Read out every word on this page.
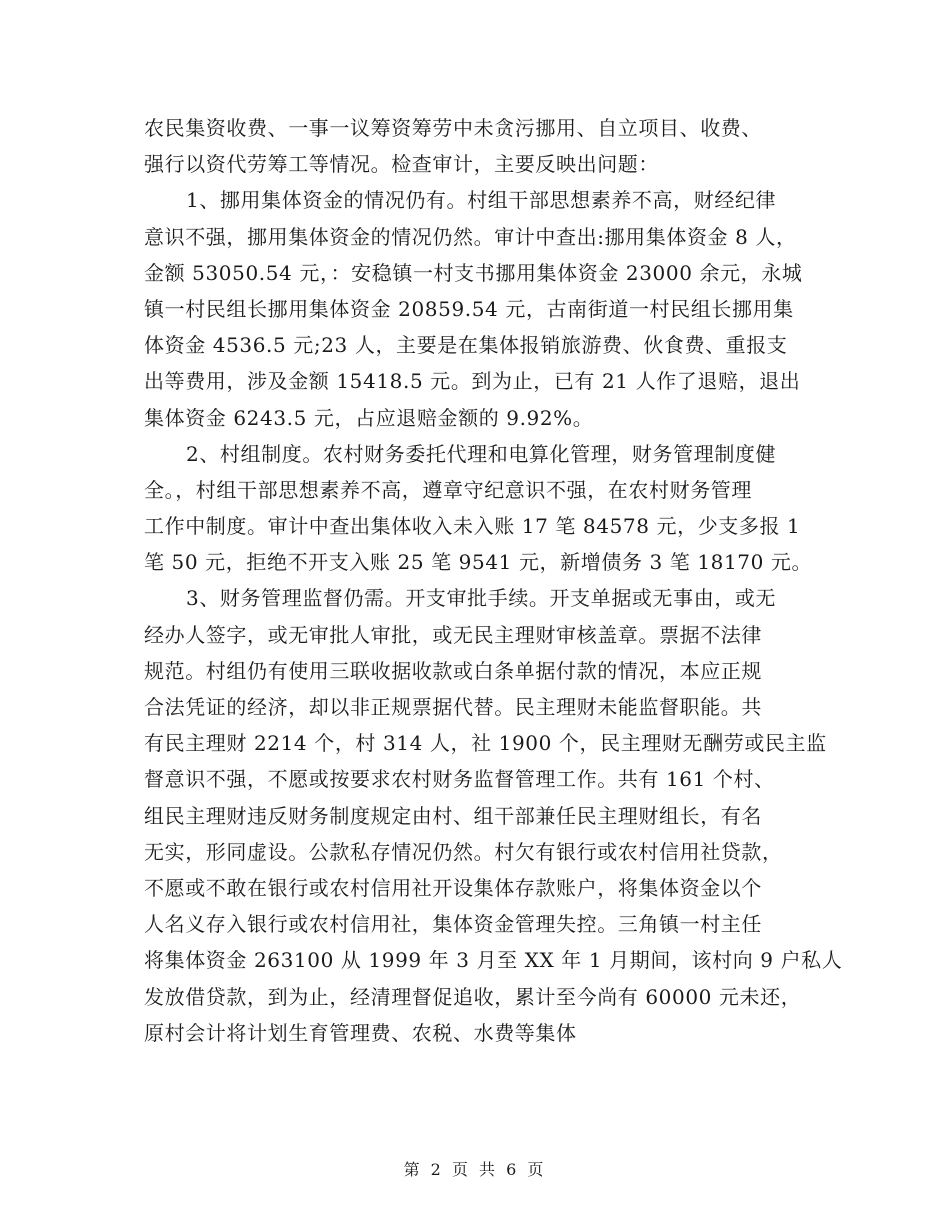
农民集资收费、一事一议筹资筹劳中未贪污挪用、自立项目、收费、
强行以资代劳筹工等情况。检查审计，主要反映出问题：
1、挪用集体资金的情况仍有。村组干部思想素养不高，财经纪律
意识不强，挪用集体资金的情况仍然。审计中查出:挪用集体资金 8 人，
金额 53050.54 元，：安稳镇一村支书挪用集体资金 23000 余元，永城
镇一村民组长挪用集体资金 20859.54 元，古南街道一村民组长挪用集
体资金 4536.5 元;23 人，主要是在集体报销旅游费、伙食费、重报支
出等费用，涉及金额 15418.5 元。到为止，已有 21 人作了退赔，退出
集体资金 6243.5 元，占应退赔金额的 9.92%。
2、村组制度。农村财务委托代理和电算化管理，财务管理制度健
全。，村组干部思想素养不高，遵章守纪意识不强，在农村财务管理
工作中制度。审计中查出集体收入未入账 17 笔 84578 元，少支多报 1
笔 50 元，拒绝不开支入账 25 笔 9541 元，新增债务 3 笔 18170 元。
3、财务管理监督仍需。开支审批手续。开支单据或无事由，或无
经办人签字，或无审批人审批，或无民主理财审核盖章。票据不法律
规范。村组仍有使用三联收据收款或白条单据付款的情况，本应正规
合法凭证的经济，却以非正规票据代替。民主理财未能监督职能。共
有民主理财 2214 个，村 314 人，社 1900 个，民主理财无酬劳或民主监
督意识不强，不愿或按要求农村财务监督管理工作。共有 161 个村、
组民主理财违反财务制度规定由村、组干部兼任民主理财组长，有名
无实，形同虚设。公款私存情况仍然。村欠有银行或农村信用社贷款，
不愿或不敢在银行或农村信用社开设集体存款账户，将集体资金以个
人名义存入银行或农村信用社，集体资金管理失控。三角镇一村主任
将集体资金 263100 从 1999 年 3 月至 XX 年 1 月期间，该村向 9 户私人
发放借贷款，到为止，经清理督促追收，累计至今尚有 60000 元未还，
原村会计将计划生育管理费、农税、水费等集体
第 2 页 共 6 页
